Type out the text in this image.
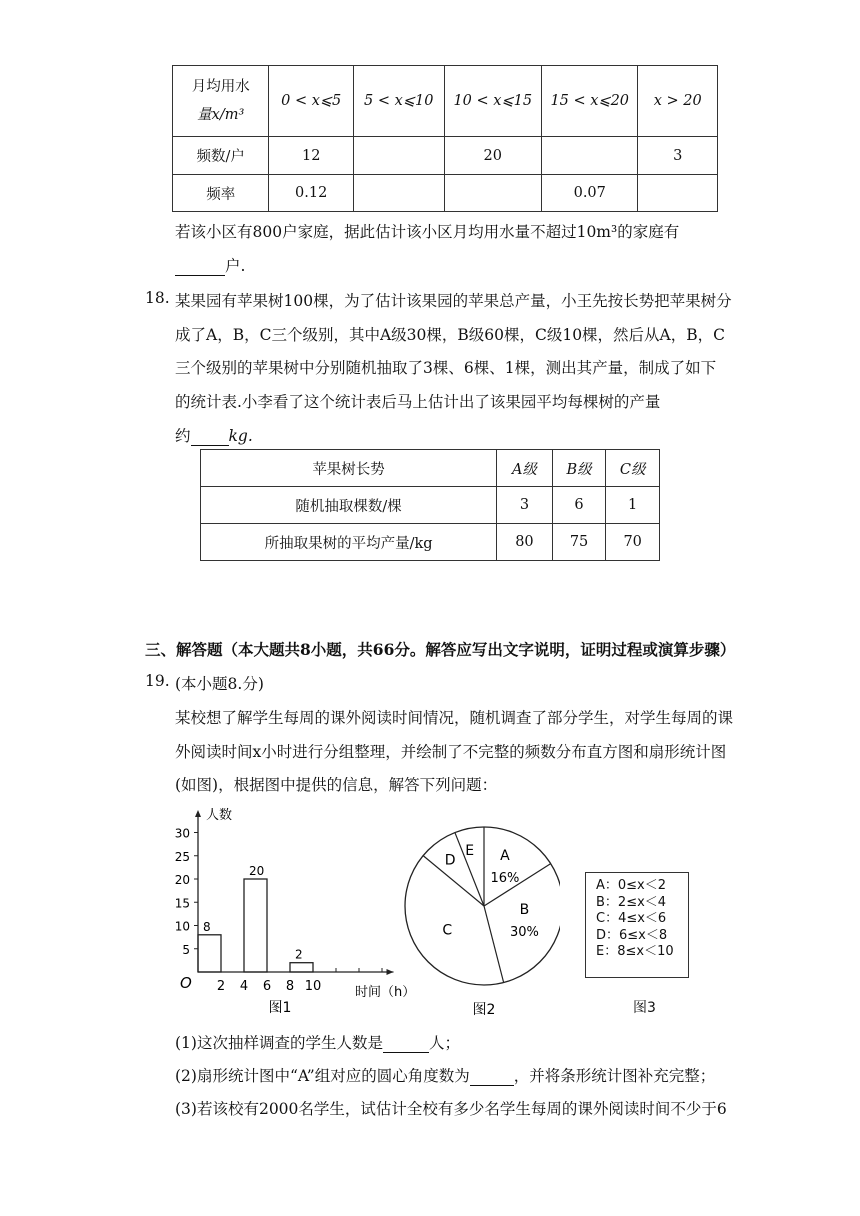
月均用水
量x/m³	0 < x⩽5	5 < x⩽10	10 < x⩽15	15 < x⩽20	x > 20
频数/户	12		20		3
频率	0.12			0.07	
若该小区有800户家庭，据此估计该小区月均用水量不超过10m³的家庭有
户.
18. 某果园有苹果树100棵，为了估计该果园的苹果总产量，小王先按长势把苹果树分
成了A，B，C三个级别，其中A级30棵，B级60棵，C级10棵，然后从A，B，C
三个级别的苹果树中分别随机抽取了3棵、6棵、1棵，测出其产量，制成了如下
的统计表.小李看了这个统计表后马上估计出了该果园平均每棵树的产量
约 kg.
苹果树长势	A级	B级	C级
随机抽取棵数/棵	3	6	1
所抽取果树的平均产量/kg	80	75	70
三、解答题（本大题共8小题，共66分。解答应写出文字说明，证明过程或演算步骤）
19. (本小题8.分)
某校想了解学生每周的课外阅读时间情况，随机调查了部分学生，对学生每周的课
外阅读时间x小时进行分组整理，并绘制了不完整的频数分布直方图和扇形统计图
(如图)，根据图中提供的信息，解答下列问题：
人数
时间（h）
O
5
10
15
20
25
30
2 4 6 8 10
8
20
2
图1
A
16%
B
30%
C
D
E
图2
A：0≤x＜2
B：2≤x＜4
C：4≤x＜6
D：6≤x＜8
E：8≤x＜10
图3
(1)这次抽样调查的学生人数是	人；
(2)扇形统计图中“A”组对应的圆心角度数为	，并将条形统计图补充完整；
(3)若该校有2000名学生，试估计全校有多少名学生每周的课外阅读时间不少于6
